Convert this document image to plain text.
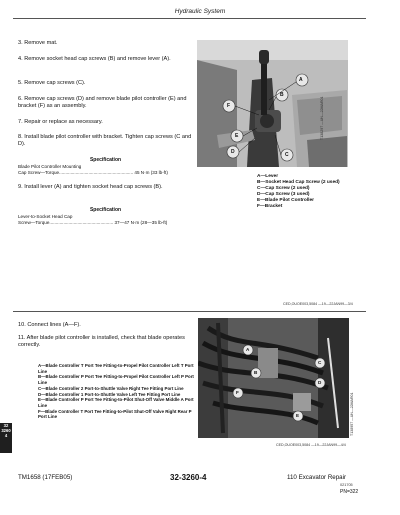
Hydraulic System
3. Remove mat.
4. Remove socket head cap screws (B) and remove lever (A).
5. Remove cap screws (C).
6. Remove cap screws (D) and remove blade pilot controller (E) and bracket (F) as an assembly.
7. Repair or replace as necessary.
8. Install blade pilot controller with bracket. Tighten cap screws (C and D).
Specification
Blade Pilot Controller Mounting
Cap Screw—Torque.......................................................... 45 N·m (33 lb-ft)
9. Install lever (A) and tighten socket head cap screws (B).
Specification
Lever-to-Socket Head Cap
Screw—Torque.................................................. 37—47 N·m (28—35 lb-ft)
A
B
C
D
E
F	T138297 —UN—22MAR01
A—Lever
B—Socket Head Cap Screw (2 used)
C—Cap Screw (2 used)
D—Cap Screw (3 used)
E—Blade Pilot Controller
F—Bracket
CED,OUOE003,5084 —19—22JAN99—3/4
10. Connect lines (A—F).
11. After blade pilot controller is installed, check that blade operates correctly.
A—Blade Controller T Port Tee Fitting-to-Propel Pilot Controller Left T Port Line
B—Blade Controller P Port Tee Fitting-to-Propel Pilot Controller Left P Port Line
C—Blade Controller 2 Port-to-Shuttle Valve Right Tee Fitting Port Line
D—Blade Controller 1 Port-to-Shuttle Valve Left Tee Fitting Port Line
E—Blade Controller P Port Tee Fitting-to-Pilot Shut-Off Valve Middle A Port Line
F—Blade Controller T Port Tee Fitting-to-Pilot Shut-Off Valve Right Rear P Port Line
A
B
C
D
E
F	T138957 —UN—22MAR01
CED,OUOE003,5084 —19—22JAN99—4/4
32
3260
4
TM1658 (17FEB05)	32-3260-4	110 Excavator Repair
021705
PN=322
